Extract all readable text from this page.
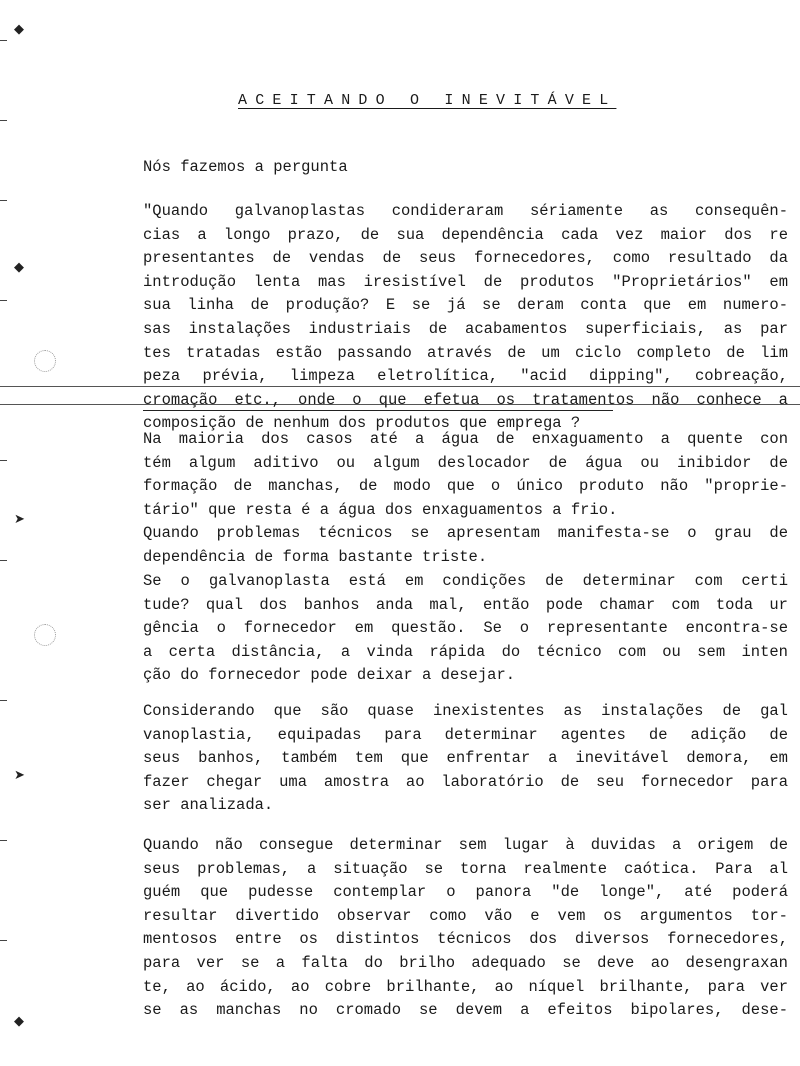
◆
◆
➤
➤
◆
ACEITANDO O INEVITÁVEL
Nós fazemos a pergunta
"Quando galvanoplastas condideraram sériamente as consequên-
cias a longo prazo, de sua dependência cada vez maior dos re
presentantes de vendas de seus fornecedores, como resultado da
introdução lenta mas iresistível de produtos "Proprietários" em
sua linha de produção? E se já se deram conta que em numero-
sas instalações industriais de acabamentos superficiais, as par
tes tratadas estão passando através de um ciclo completo de lim
peza prévia, limpeza eletrolítica, "acid dipping", cobreação,
cromação etc., onde o que efetua os tratamentos não conhece a
composição de nenhum dos produtos que emprega ?
Na maioria dos casos até a água de enxaguamento a quente con
tém algum aditivo ou algum deslocador de água ou inibidor de
formação de manchas, de modo que o único produto não "proprie-
tário" que resta é a água dos enxaguamentos a frio.
Quando problemas técnicos se apresentam manifesta-se o grau de
dependência de forma bastante triste.
Se o galvanoplasta está em condições de determinar com certi
tude? qual dos banhos anda mal, então pode chamar com toda ur
gência o fornecedor em questão. Se o representante encontra-se
a certa distância, a vinda rápida do técnico com ou sem inten
ção do fornecedor pode deixar a desejar.
Considerando que são quase inexistentes as instalações de gal
vanoplastia, equipadas para determinar agentes de adição de
seus banhos, também tem que enfrentar a inevitável demora, em
fazer chegar uma amostra ao laboratório de seu fornecedor para
ser analizada.
Quando não consegue determinar sem lugar à duvidas a origem de
seus problemas, a situação se torna realmente caótica. Para al
guém que pudesse contemplar o panora "de longe", até poderá
resultar divertido observar como vão e vem os argumentos tor-
mentosos entre os distintos técnicos dos diversos fornecedores,
para ver se a falta do brilho adequado se deve ao desengraxan
te, ao ácido, ao cobre brilhante, ao níquel brilhante, para ver
se as manchas no cromado se devem a efeitos bipolares, dese-
